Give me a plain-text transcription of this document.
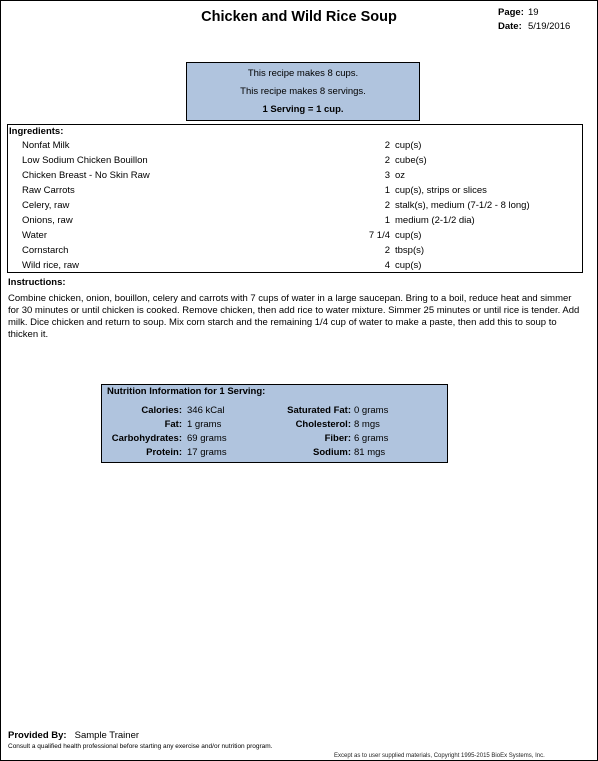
Chicken and Wild Rice Soup	Page: 19
Date: 5/19/2016
This recipe makes 8 cups.
This recipe makes 8 servings.
1 Serving = 1 cup.
Ingredients:
Nonfat Milk	2 cup(s)
Low Sodium Chicken Bouillon	2 cube(s)
Chicken Breast - No Skin Raw	3 oz
Raw Carrots	1 cup(s), strips or slices
Celery, raw	2 stalk(s), medium (7-1/2 - 8 long)
Onions, raw	1 medium (2-1/2 dia)
Water	7 1/4 cup(s)
Cornstarch	2 tbsp(s)
Wild rice, raw	4 cup(s)
Instructions:
Combine chicken, onion, bouillon, celery and carrots with 7 cups of water in a large saucepan. Bring to a boil, reduce heat and simmer for 30 minutes or until chicken is cooked. Remove chicken, then add rice to water mixture. Simmer 25 minutes or until rice is tender. Add milk. Dice chicken and return to soup. Mix corn starch and the remaining 1/4 cup of water to make a paste, then add this to soup to thicken it.
Nutrition Information for 1 Serving:
Calories: 346 kCal	Saturated Fat: 0 grams
Fat: 1 grams	Cholesterol: 8 mgs
Carbohydrates: 69 grams	Fiber: 6 grams
Protein: 17 grams	Sodium: 81 mgs
Provided By: Sample Trainer
Consult a qualified health professional before starting any exercise and/or nutrition program.
Except as to user supplied materials, Copyright 1995-2015 BioEx Systems, Inc.
